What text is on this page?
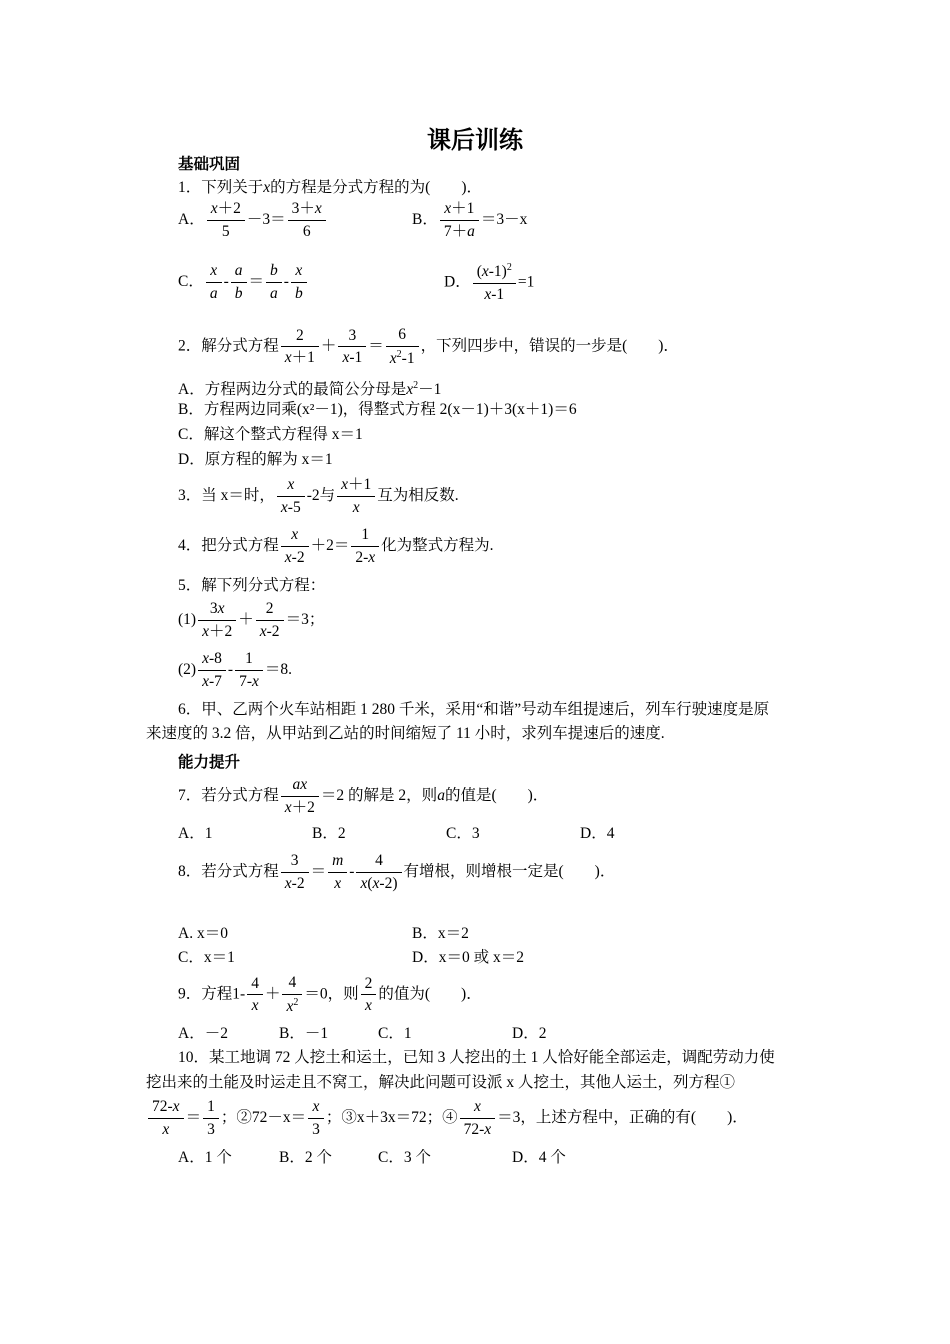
课后训练
基础巩固
1．下列关于x的方程是分式方程的为(　　)．
A． $\frac{x+2}{5} -3= \frac{3+x}{6}$	B． $\frac{x+1}{7+a} =3-x$
C． $\frac{x}{a} - \frac{a}{b} = \frac{b}{a} - \frac{x}{b}$	D． $\frac{(x-1)^2}{x-1} =1$
2．解分式方程 $\frac{2}{x+1} + \frac{3}{x-1} = \frac{6}{x^2-1}$ ，下列四步中，错误的一步是(　　)．
A．方程两边分式的最简公分母是$x^2-1$
B．方程两边同乘(x²－1)，得整式方程 2(x－1)＋3(x＋1)＝6
C．解这个整式方程得 x＝1
D．原方程的解为 x＝1
3．当 x＝时， $\frac{x}{x-5} -2$与 $\frac{x+1}{x}$ 互为相反数.
4．把分式方程 $\frac{x}{x-2} +2= \frac{1}{2-x}$ 化为整式方程为.
5．解下列分式方程：
$(1) \frac{3x}{x+2} + \frac{2}{x-2} =3$；
$(2) \frac{x-8}{x-7} - \frac{1}{7-x} =8$.
6．甲、乙两个火车站相距 1 280 千米，采用“和谐”号动车组提速后，列车行驶速度是原
来速度的 3.2 倍，从甲站到乙站的时间缩短了 11 小时，求列车提速后的速度.
能力提升
7．若分式方程 $\frac{ax}{x+2} =2$ 的解是 2，则a的值是(　　)．
A．1	B．2	C．3	D．4
8．若分式方程 $\frac{3}{x-2} = \frac{m}{x} - \frac{4}{x(x-2)}$ 有增根，则增根一定是(　　)．
A. x＝0	B．x＝2
C．x＝1	D．x＝0 或 x＝2
9．方程$1- \frac{4}{x} + \frac{4}{x^2} =0$，则 $\frac{2}{x}$ 的值为(　　)．
A．－2	B．－1	C．1	D．2
10．某工地调 72 人挖土和运土，已知 3 人挖出的土 1 人恰好能全部运走，调配劳动力使
挖出来的土能及时运走且不窝工，解决此问题可设派 x 人挖土，其他人运土，列方程①
$\frac{72-x}{x} = \frac{1}{3}$ ；②72－x＝ $\frac{x}{3}$ ；③x＋3x＝72；④ $\frac{x}{72-x} =3$，上述方程中，正确的有(　　)．
A．1 个	B．2 个	C．3 个	D．4 个
